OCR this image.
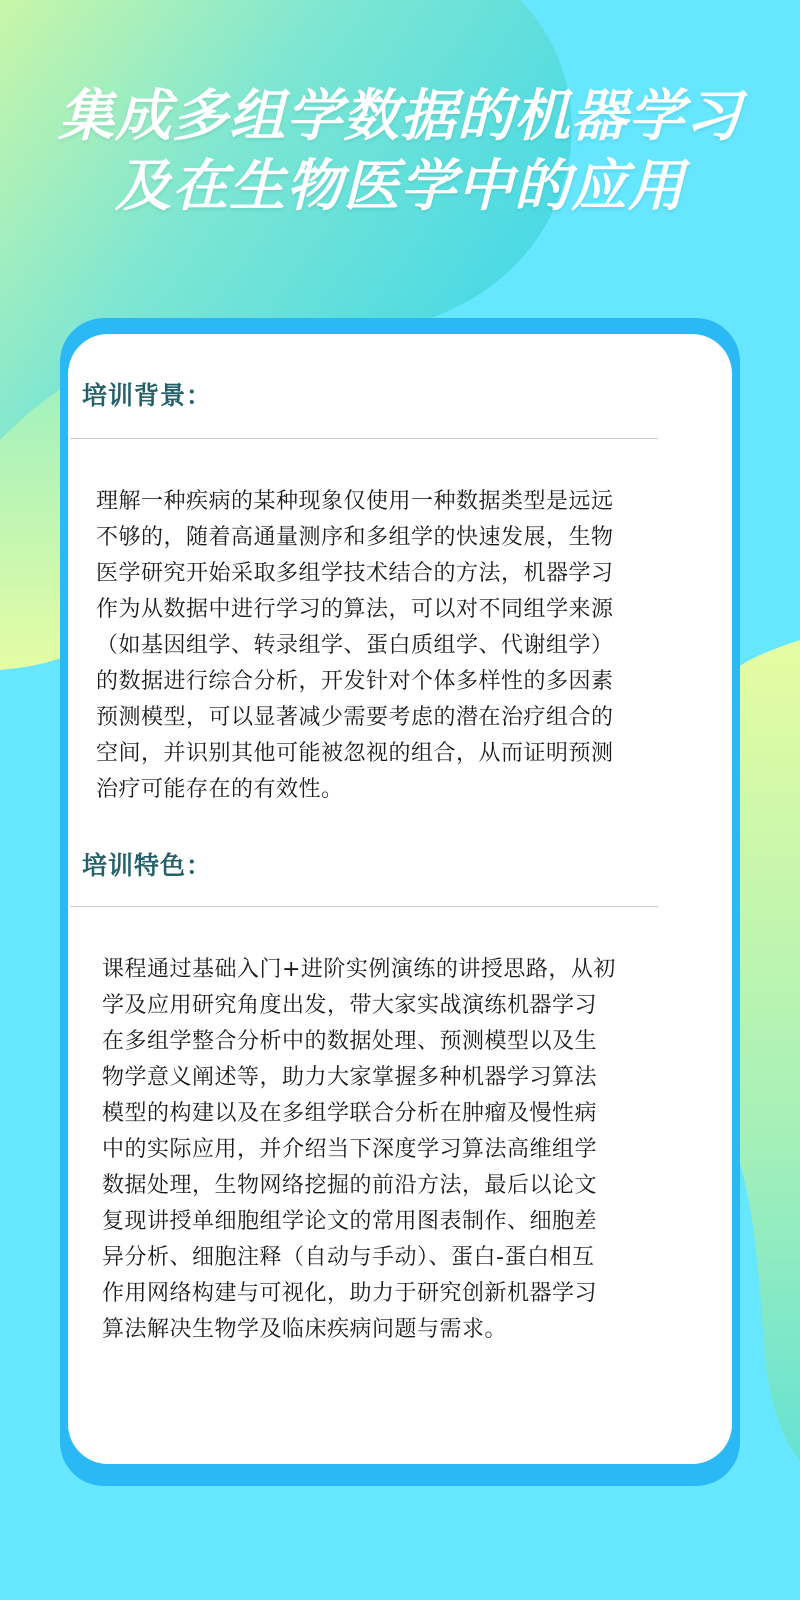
集成多组学数据的机器学习
及在生物医学中的应用
培训背景：
理解一种疾病的某种现象仅使用一种数据类型是远远
不够的，随着高通量测序和多组学的快速发展，生物
医学研究开始采取多组学技术结合的方法，机器学习
作为从数据中进行学习的算法，可以对不同组学来源
（如基因组学、转录组学、蛋白质组学、代谢组学）
的数据进行综合分析，开发针对个体多样性的多因素
预测模型，可以显著减少需要考虑的潜在治疗组合的
空间，并识别其他可能被忽视的组合，从而证明预测
治疗可能存在的有效性。
培训特色：
课程通过基础入门+进阶实例演练的讲授思路，从初
学及应用研究角度出发，带大家实战演练机器学习
在多组学整合分析中的数据处理、预测模型以及生
物学意义阐述等，助力大家掌握多种机器学习算法
模型的构建以及在多组学联合分析在肿瘤及慢性病
中的实际应用，并介绍当下深度学习算法高维组学
数据处理，生物网络挖掘的前沿方法，最后以论文
复现讲授单细胞组学论文的常用图表制作、细胞差
异分析、细胞注释（自动与手动）、蛋白-蛋白相互
作用网络构建与可视化，助力于研究创新机器学习
算法解决生物学及临床疾病问题与需求。
